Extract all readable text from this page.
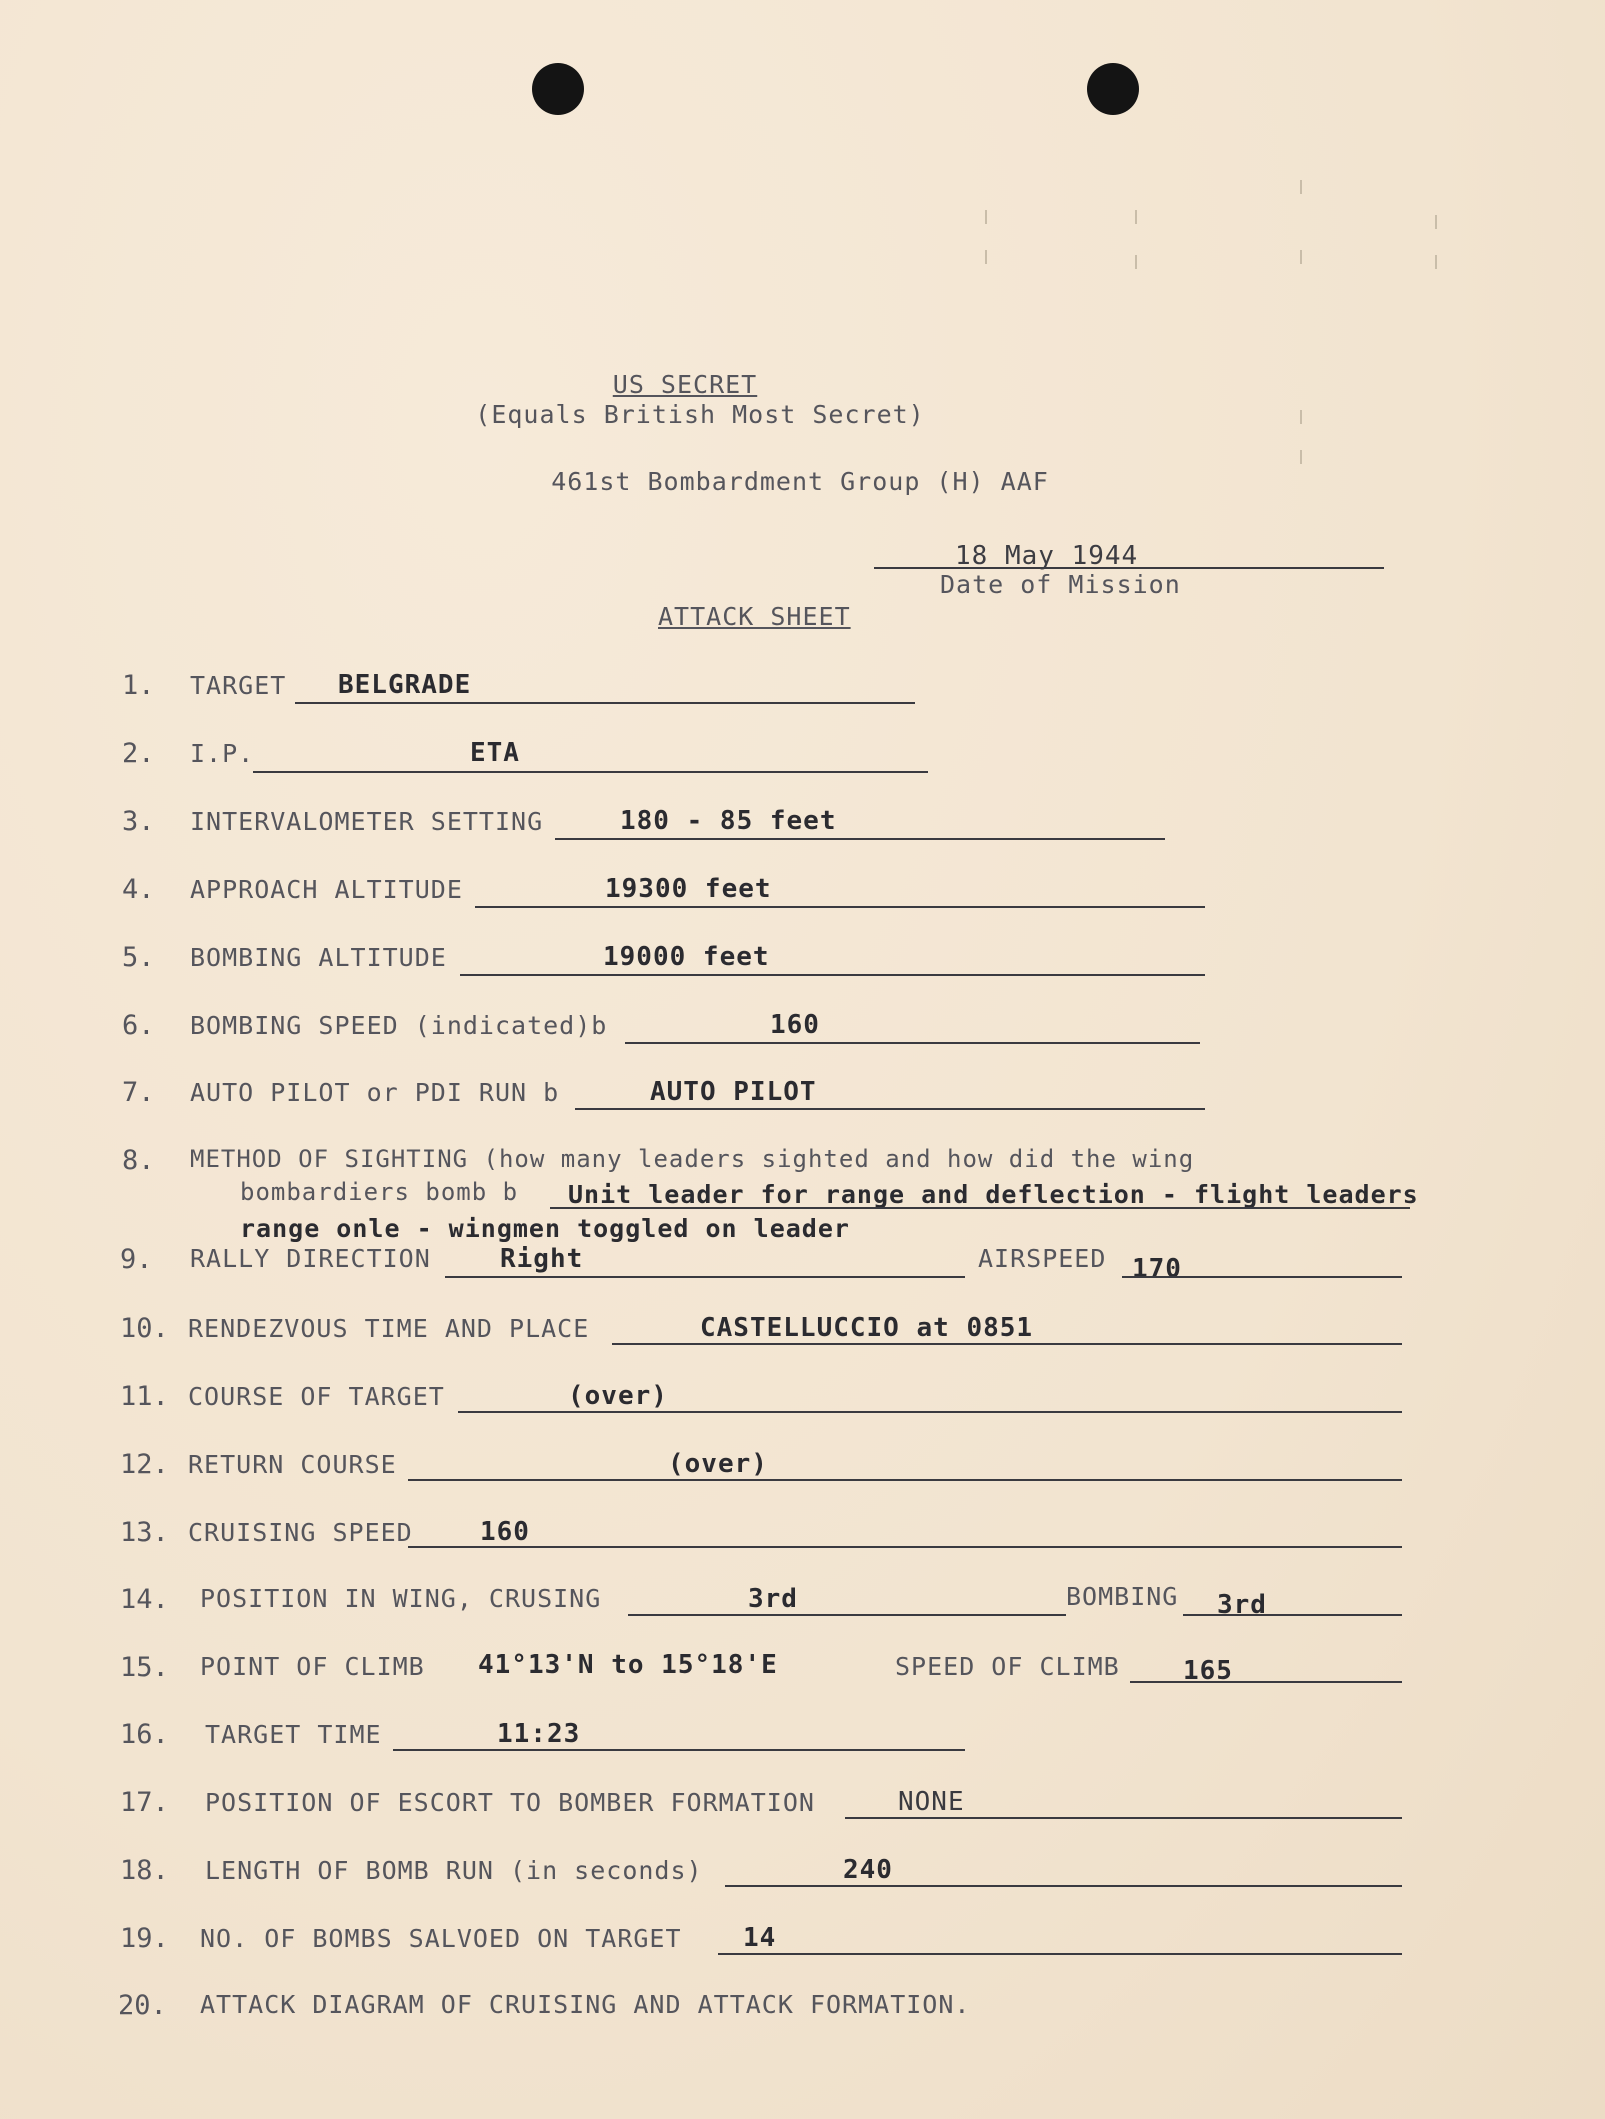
US SECRET
(Equals British Most Secret)
461st Bombardment Group (H) AAF
18 May 1944
Date of Mission
ATTACK SHEET
1. TARGET BELGRADE
2. I.P.	ETA
3. INTERVALOMETER SETTING	180 - 85 feet
4. APPROACH ALTITUDE	19300 feet
5. BOMBING ALTITUDE	19000 feet
6. BOMBING SPEED (indicated)b	160
7. AUTO PILOT or PDI RUN b	AUTO PILOT
8. METHOD OF SIGHTING (how many leaders sighted and how did the wing
bombardiers bomb b Unit leader for range and deflection - flight leaders
range onle - wingmen toggled on leader
9. RALLY DIRECTION	Right	AIRSPEED 170
10. RENDEZVOUS TIME AND PLACE	CASTELLUCCIO at 0851
11. COURSE OF TARGET	(over)
12. RETURN COURSE	(over)
13. CRUISING SPEED	160
14. POSITION IN WING, CRUSING	3rd	BOMBING 3rd
15. POINT OF CLIMB 41°13'N to 15°18'E	SPEED OF CLIMB 165
16. TARGET TIME	11:23
17. POSITION OF ESCORT TO BOMBER FORMATION	NONE
18. LENGTH OF BOMB RUN (in seconds)	240
19. NO. OF BOMBS SALVOED ON TARGET 14
20. ATTACK DIAGRAM OF CRUISING AND ATTACK FORMATION.
